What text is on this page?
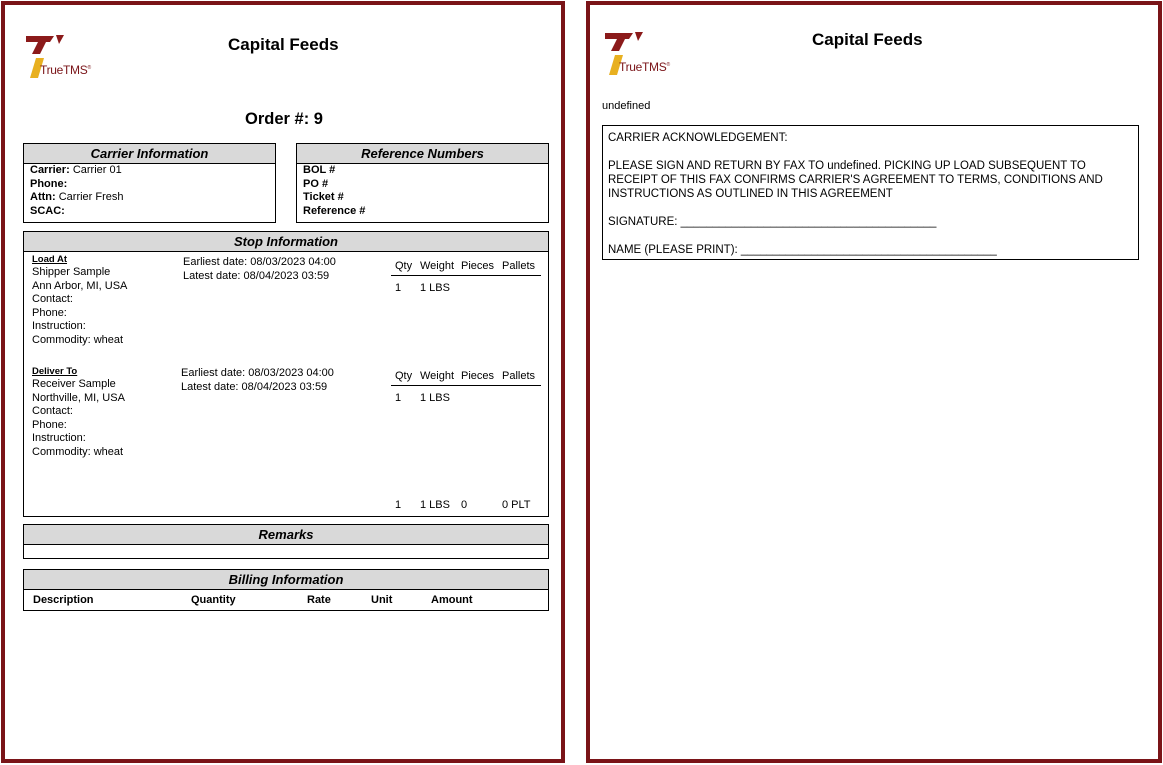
TrueTMS®
Capital Feeds
Order #: 9
Carrier Information
Carrier: Carrier 01
Phone:
Attn: Carrier Fresh
SCAC:
Reference Numbers
BOL #
PO #
Ticket #
Reference #
Stop Information
Load At
Shipper Sample
Ann Arbor, MI, USA
Contact:
Phone:
Instruction:
Commodity: wheat
Earliest date: 08/03/2023 04:00
Latest date: 08/04/2023 03:59
Qty Weight Pieces Pallets
1 1 LBS
Deliver To
Receiver Sample
Northville, MI, USA
Contact:
Phone:
Instruction:
Commodity: wheat
Earliest date: 08/03/2023 04:00
Latest date: 08/04/2023 03:59
Qty Weight Pieces Pallets
1 1 LBS
1 1 LBS 0	0 PLT
Remarks
Billing Information
Description	Quantity	Rate	Unit	Amount
TrueTMS®
Capital Feeds
undefined
CARRIER ACKNOWLEDGEMENT:
PLEASE SIGN AND RETURN BY FAX TO undefined. PICKING UP LOAD SUBSEQUENT TO RECEIPT OF THIS FAX CONFIRMS CARRIER'S AGREEMENT TO TERMS, CONDITIONS AND INSTRUCTIONS AS OUTLINED IN THIS AGREEMENT
SIGNATURE: ________________________________________
NAME (PLEASE PRINT): ________________________________________
